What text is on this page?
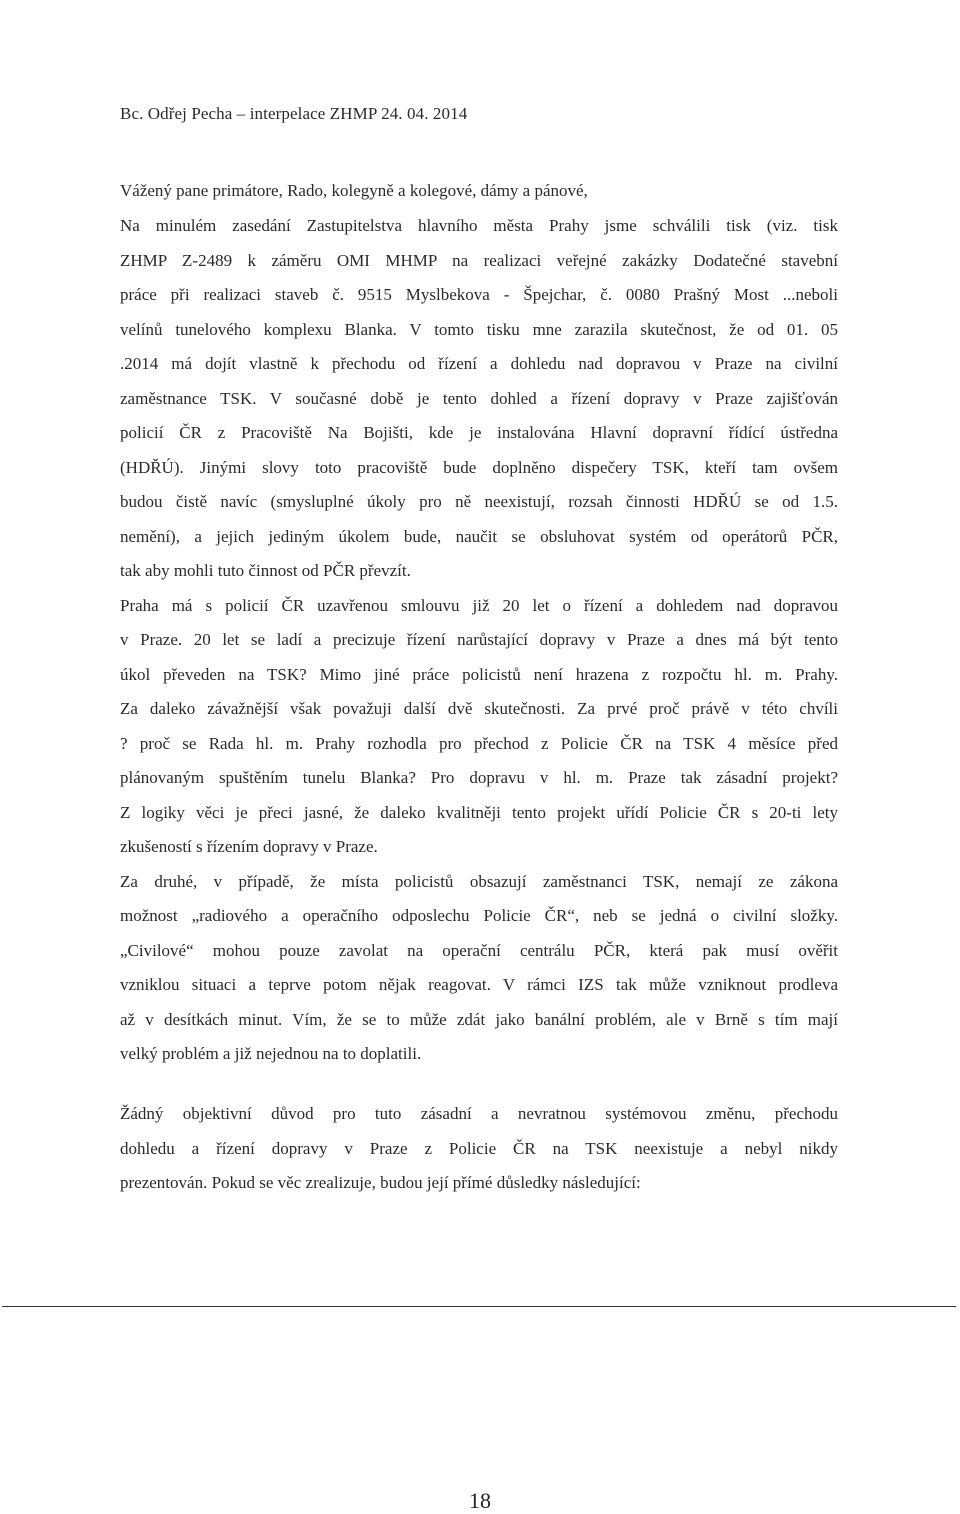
Bc. Odřej Pecha – interpelace ZHMP 24. 04. 2014
Vážený pane primátore, Rado, kolegyně a kolegové, dámy a pánové,
Na minulém zasedání Zastupitelstva hlavního města Prahy jsme schválili tisk (viz. tisk
ZHMP Z-2489 k záměru OMI MHMP na realizaci veřejné zakázky Dodatečné stavební
práce při realizaci staveb č. 9515 Myslbekova - Špejchar, č. 0080 Prašný Most ...neboli
velínů tunelového komplexu Blanka. V tomto tisku mne zarazila skutečnost, že od 01. 05
.2014 má dojít vlastně k přechodu od řízení a dohledu nad dopravou v Praze na civilní
zaměstnance TSK. V současné době je tento dohled a řízení dopravy v Praze zajišťován
policií ČR z Pracoviště Na Bojišti, kde je instalována Hlavní dopravní řídící ústředna
(HDŘÚ). Jinými slovy toto pracoviště bude doplněno dispečery TSK, kteří tam ovšem
budou čistě navíc (smysluplné úkoly pro ně neexistují, rozsah činnosti HDŘÚ se od 1.5.
nemění), a jejich jediným úkolem bude, naučit se obsluhovat systém od operátorů PČR,
tak aby mohli tuto činnost od PČR převzít.
Praha má s policií ČR uzavřenou smlouvu již 20 let o řízení a dohledem nad dopravou
v Praze. 20 let se ladí a precizuje řízení narůstající dopravy v Praze a dnes má být tento
úkol převeden na TSK? Mimo jiné práce policistů není hrazena z rozpočtu hl. m. Prahy.
Za daleko závažnější však považuji další dvě skutečnosti. Za prvé proč právě v této chvíli
? proč se Rada hl. m. Prahy rozhodla pro přechod z Policie ČR na TSK 4 měsíce před
plánovaným spuštěním tunelu Blanka? Pro dopravu v hl. m. Praze tak zásadní projekt?
Z logiky věci je přeci jasné, že daleko kvalitněji tento projekt uřídí Policie ČR s 20-ti lety
zkušeností s řízením dopravy v Praze.
Za druhé, v případě, že místa policistů obsazují zaměstnanci TSK, nemají ze zákona
možnost „radiového a operačního odposlechu Policie ČR“, neb se jedná o civilní složky.
„Civilové“ mohou pouze zavolat na operační centrálu PČR, která pak musí ověřit
vzniklou situaci a teprve potom nějak reagovat. V rámci IZS tak může vzniknout prodleva
až v desítkách minut. Vím, že se to může zdát jako banální problém, ale v Brně s tím mají
velký problém a již nejednou na to doplatili.
Žádný objektivní důvod pro tuto zásadní a nevratnou systémovou změnu, přechodu
dohledu a řízení dopravy v Praze z Policie ČR na TSK neexistuje a nebyl nikdy
prezentován. Pokud se věc zrealizuje, budou její přímé důsledky následující:
18
